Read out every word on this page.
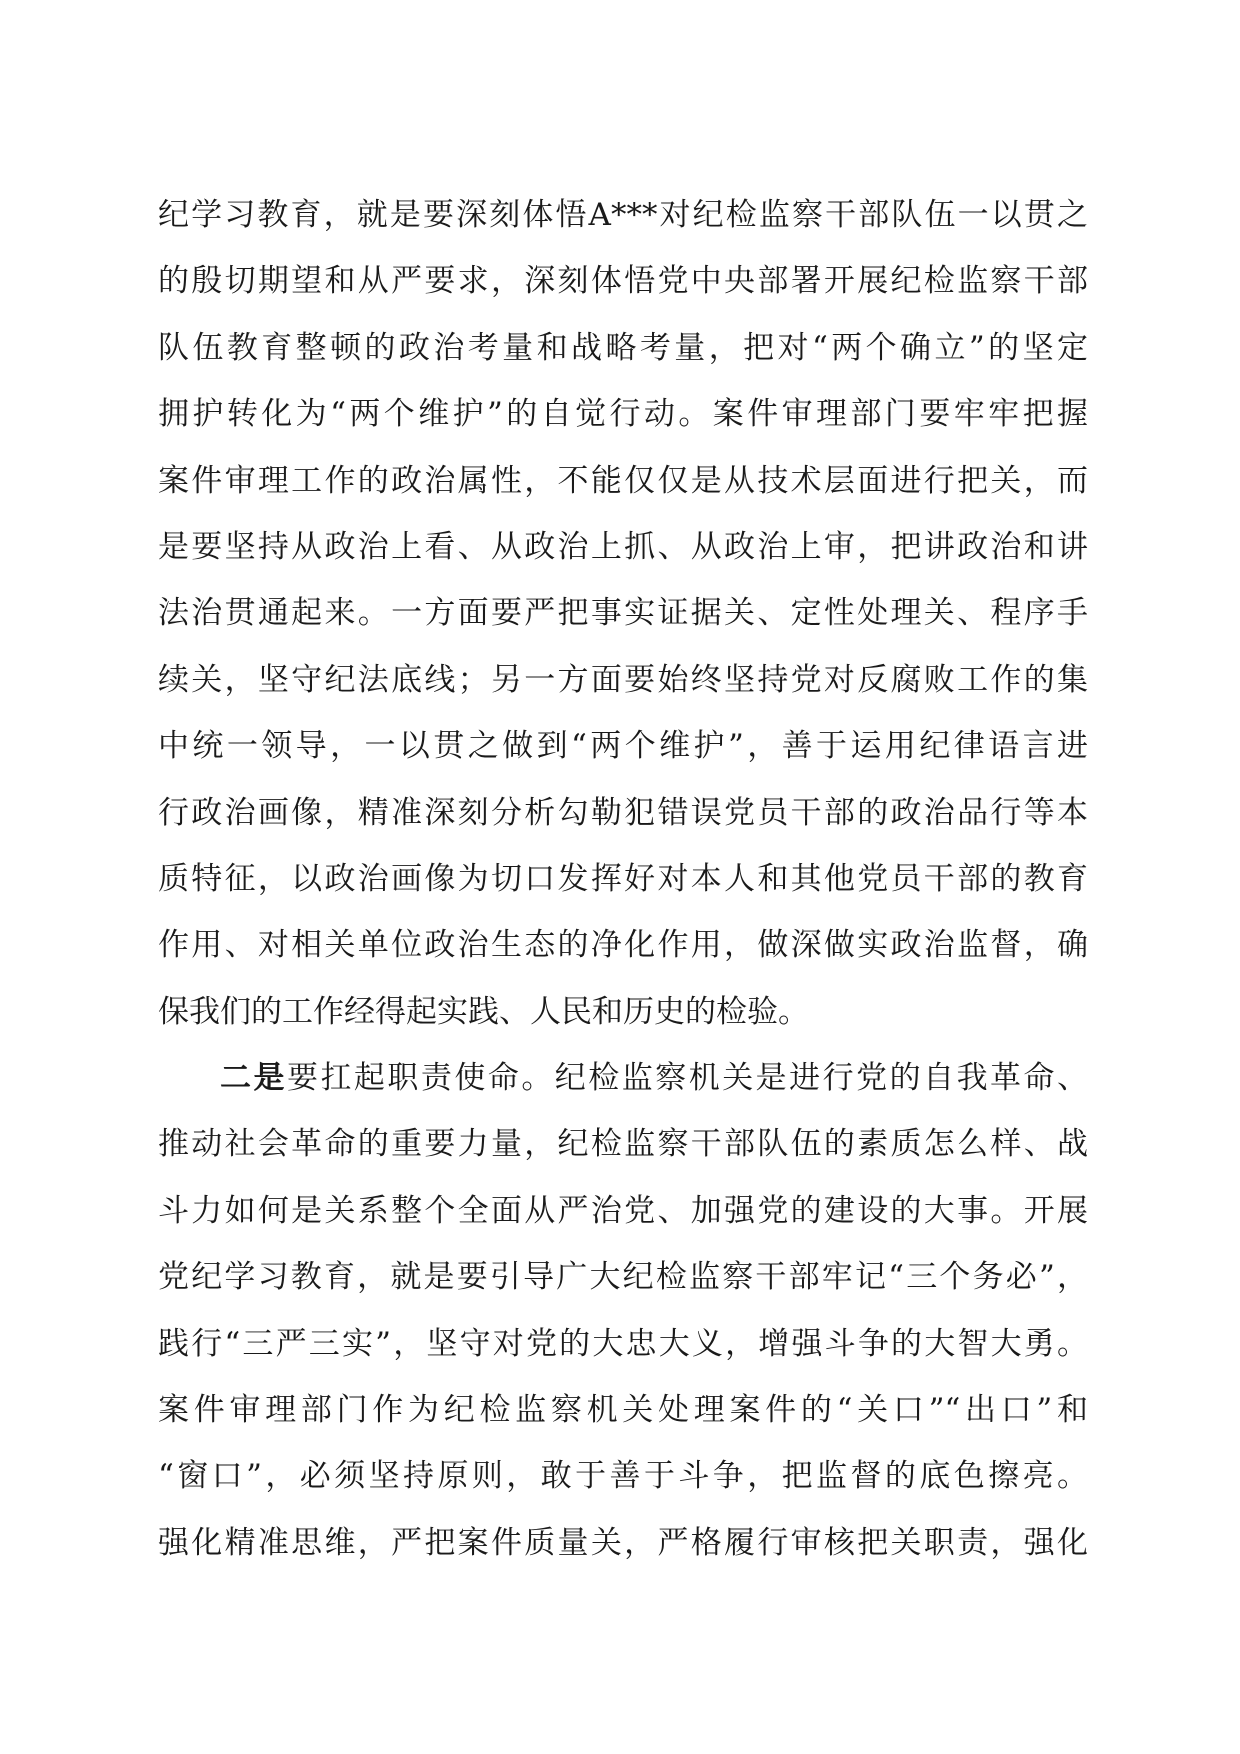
纪学习教育，就是要深刻体悟A***对纪检监察干部队伍一以贯之
的殷切期望和从严要求，深刻体悟党中央部署开展纪检监察干部
队伍教育整顿的政治考量和战略考量，把对“两个确立”的坚定
拥护转化为“两个维护”的自觉行动。案件审理部门要牢牢把握
案件审理工作的政治属性，不能仅仅是从技术层面进行把关，而
是要坚持从政治上看、从政治上抓、从政治上审，把讲政治和讲
法治贯通起来。一方面要严把事实证据关、定性处理关、程序手
续关，坚守纪法底线；另一方面要始终坚持党对反腐败工作的集
中统一领导，一以贯之做到“两个维护”，善于运用纪律语言进
行政治画像，精准深刻分析勾勒犯错误党员干部的政治品行等本
质特征，以政治画像为切口发挥好对本人和其他党员干部的教育
作用、对相关单位政治生态的净化作用，做深做实政治监督，确
保我们的工作经得起实践、人民和历史的检验。
二是要扛起职责使命。纪检监察机关是进行党的自我革命、
推动社会革命的重要力量，纪检监察干部队伍的素质怎么样、战
斗力如何是关系整个全面从严治党、加强党的建设的大事。开展
党纪学习教育，就是要引导广大纪检监察干部牢记“三个务必”，
践行“三严三实”，坚守对党的大忠大义，增强斗争的大智大勇。
案件审理部门作为纪检监察机关处理案件的“关口”“出口”和
“窗口”，必须坚持原则，敢于善于斗争，把监督的底色擦亮。
强化精准思维，严把案件质量关，严格履行审核把关职责，强化
